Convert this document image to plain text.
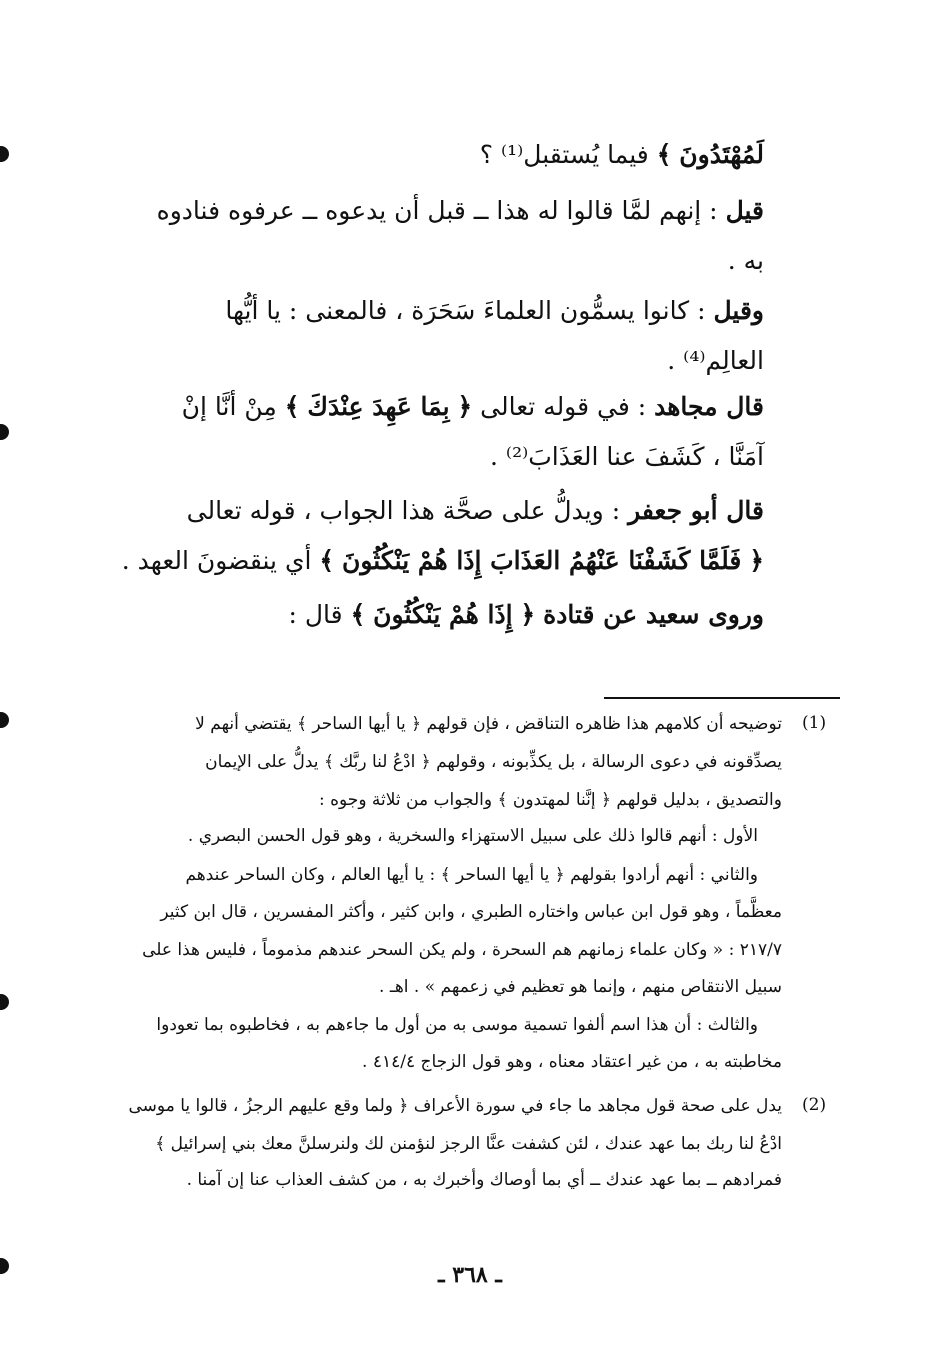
لَمُهْتَدُونَ ﴾ فيما يُستقبل⁽¹⁾ ؟
قيل : إنهم لمَّا قالوا له هذا ــ قبل أن يدعوه ــ عرفوه فنادوه
به .
وقيل : كانوا يسمُّون العلماءَ سَحَرَة ، فالمعنى : يا أيُّها
العالِم⁽⁴⁾ .
قال مجاهد : في قوله تعالى ﴿ بِمَا عَهِدَ عِنْدَكَ ﴾ مِنْ أنَّا إنْ
آمَنَّا ، كَشَفَ عنا العَذَابَ⁽²⁾ .
قال أبو جعفر : ويدلُّ على صحَّة هذا الجواب ، قوله تعالى
﴿ فَلَمَّا كَشَفْنَا عَنْهُمُ العَذَابَ إِذَا هُمْ يَنْكُثُونَ ﴾ أي ينقضونَ العهد .
وروى سعيد عن قتادة ﴿ إِذَا هُمْ يَنْكُثُونَ ﴾ قال :
(1)
توضيحه أن كلامهم هذا ظاهره التناقض ، فإن قولهم ﴿ يا أيها الساحر ﴾ يقتضي أنهم لا
يصدِّقونه في دعوى الرسالة ، بل يكذِّبونه ، وقولهم ﴿ ادْعُ لنا ربَّك ﴾ يدلُّ على الإيمان
والتصديق ، بدليل قولهم ﴿ إنَّنا لمهتدون ﴾ والجواب من ثلاثة وجوه :
الأول : أنهم قالوا ذلك على سبيل الاستهزاء والسخرية ، وهو قول الحسن البصري .
والثاني : أنهم أرادوا بقولهم ﴿ يا أيها الساحر ﴾ : يا أيها العالم ، وكان الساحر عندهم
معظَّماً ، وهو قول ابن عباس واختاره الطبري ، وابن كثير ، وأكثر المفسرين ، قال ابن كثير
٢١٧/٧ : « وكان علماء زمانهم هم السحرة ، ولم يكن السحر عندهم مذموماً ، فليس هذا على
سبيل الانتقاص منهم ، وإنما هو تعظيم في زعمهم » . اهـ .
والثالث : أن هذا اسم ألفوا تسمية موسى به من أول ما جاءهم به ، فخاطبوه بما تعودوا
مخاطبته به ، من غير اعتقاد معناه ، وهو قول الزجاج ٤١٤/٤ .
(2)
يدل على صحة قول مجاهد ما جاء في سورة الأعراف ﴿ ولما وقع عليهم الرجزُ ، قالوا يا موسى
ادْعُ لنا ربك بما عهد عندك ، لئن كشفت عنَّا الرجز لنؤمنن لك ولنرسلنَّ معك بني إسرائيل ﴾
فمرادهم ــ بما عهد عندك ــ أي بما أوصاك وأخبرك به ، من كشف العذاب عنا إن آمنا .
ـ ٣٦٨ ـ
